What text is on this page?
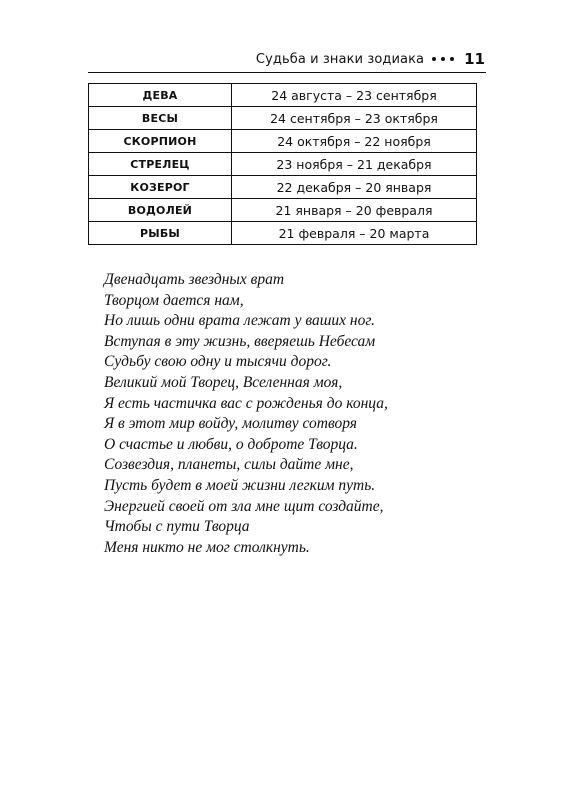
Судьба и знаки зодиака	11
ДЕВА	24 августа – 23 сентября
ВЕСЫ	24 сентября – 23 октября
СКОРПИОН	24 октября – 22 ноября
СТРЕЛЕЦ	23 ноября – 21 декабря
КОЗЕРОГ	22 декабря – 20 января
ВОДОЛЕЙ	21 января – 20 февраля
РЫБЫ	21 февраля – 20 марта
Двенадцать звездных врат
Творцом дается нам,
Но лишь одни врата лежат у ваших ног.
Вступая в эту жизнь, вверяешь Небесам
Судьбу свою одну и тысячи дорог.
Великий мой Творец, Вселенная моя,
Я есть частичка вас с рожденья до конца,
Я в этот мир войду, молитву сотворя
О счастье и любви, о доброте Творца.
Созвездия, планеты, силы дайте мне,
Пусть будет в моей жизни легким путь.
Энергией своей от зла мне щит создайте,
Чтобы с пути Творца
Меня никто не мог столкнуть.
